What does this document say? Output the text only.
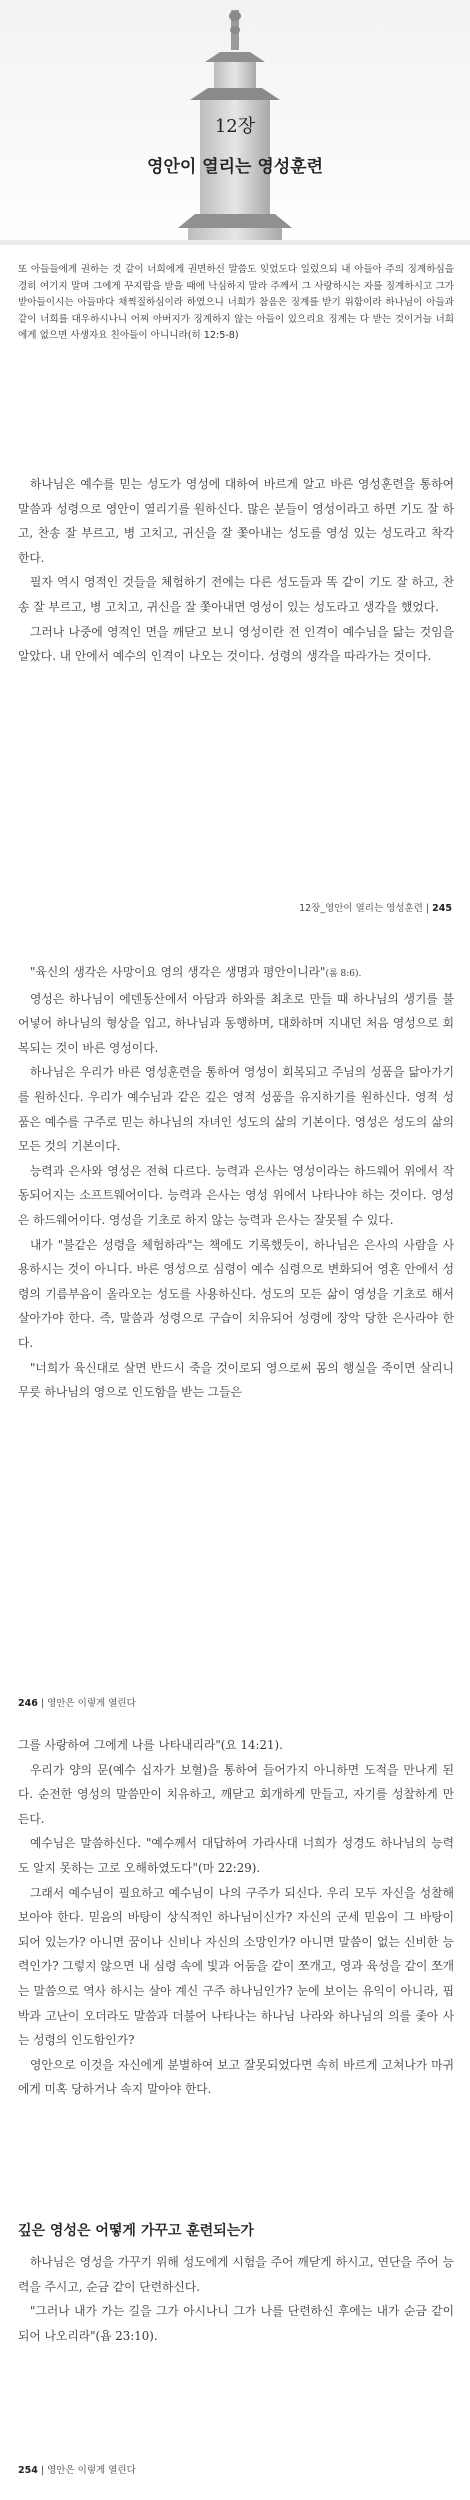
12장
영안이 열리는 영성훈련
또 아들들에게 권하는 것 같이 너희에게 권면하신 말씀도 잊었도다 일렀으되 내 아들아 주의 징계하심을 경히 여기지 말며 그에게 꾸지람을 받을 때에 낙심하지 말라 주께서 그 사랑하시는 자를 징계하시고 그가 받아들이시는 아들마다 채찍질하심이라 하였으니 너희가 참음은 징계를 받기 위함이라 하나님이 아들과 같이 너희를 대우하시나니 어찌 아버지가 징계하지 않는 아들이 있으리요 징계는 다 받는 것이거늘 너희에게 없으면 사생자요 친아들이 아니니라(히 12:5-8)

하나님은 예수를 믿는 성도가 영성에 대하여 바르게 알고 바른 영성훈련을 통하여 말씀과 성령으로 영안이 열리기를 원하신다. 많은 분들이 영성이라고 하면 기도 잘 하고, 찬송 잘 부르고, 병 고치고, 귀신을 잘 쫓아내는 성도를 영성 있는 성도라고 착각한다.

필자 역시 영적인 것들을 체험하기 전에는 다른 성도들과 똑 같이 기도 잘 하고, 찬송 잘 부르고, 병 고치고, 귀신을 잘 쫓아내면 영성이 있는 성도라고 생각을 했었다.

그러나 나중에 영적인 면을 깨닫고 보니 영성이란 전 인격이 예수님을 닮는 것임을 알았다. 내 안에서 예수의 인격이 나오는 것이다. 성령의 생각을 따라가는 것이다.

12장_영안이 열리는 영성훈련 | 245

"육신의 생각은 사망이요 영의 생각은 생명과 평안이니라"(롬 8:6).

영성은 하나님이 에덴동산에서 아담과 하와를 최초로 만들 때 하나님의 생기를 불어넣어 하나님의 형상을 입고, 하나님과 동행하며, 대화하며 지내던 처음 영성으로 회복되는 것이 바른 영성이다.

하나님은 우리가 바른 영성훈련을 통하여 영성이 회복되고 주님의 성품을 닮아가기를 원하신다. 우리가 예수님과 같은 깊은 영적 성품을 유지하기를 원하신다. 영적 성품은 예수를 구주로 믿는 하나님의 자녀인 성도의 삶의 기본이다. 영성은 성도의 삶의 모든 것의 기본이다.

능력과 은사와 영성은 전혀 다르다. 능력과 은사는 영성이라는 하드웨어 위에서 작동되어지는 소프트웨어이다. 능력과 은사는 영성 위에서 나타나야 하는 것이다. 영성은 하드웨어이다. 영성을 기초로 하지 않는 능력과 은사는 잘못될 수 있다.

내가 "불같은 성령을 체험하라"는 책에도 기록했듯이, 하나님은 은사의 사람을 사용하시는 것이 아니다. 바른 영성으로 심령이 예수 심령으로 변화되어 영혼 안에서 성령의 기름부음이 올라오는 성도를 사용하신다. 성도의 모든 삶이 영성을 기초로 해서 살아가야 한다. 즉, 말씀과 성령으로 구습이 치유되어 성령에 장악 당한 은사라야 한다.

"너희가 육신대로 살면 반드시 죽을 것이로되 영으로써 몸의 행실을 죽이면 살리니 무릇 하나님의 영으로 인도함을 받는 그들은

246 | 영안은 이렇게 열린다

그를 사랑하여 그에게 나를 나타내리라"(요 14:21).

우리가 양의 문(예수 십자가 보혈)을 통하여 들어가지 아니하면 도적을 만나게 된다. 순전한 영성의 말씀만이 치유하고, 깨닫고 회개하게 만들고, 자기를 성찰하게 만든다.

예수님은 말씀하신다. "예수께서 대답하여 가라사대 너희가 성경도 하나님의 능력도 알지 못하는 고로 오해하였도다"(마 22:29).

그래서 예수님이 필요하고 예수님이 나의 구주가 되신다. 우리 모두 자신을 성찰해 보아야 한다. 믿음의 바탕이 상식적인 하나님이신가? 자신의 군세 믿음이 그 바탕이 되어 있는가? 아니면 꿈이나 신비나 자신의 소망인가? 아니면 말씀이 없는 신비한 능력인가? 그렇지 않으면 내 심령 속에 빛과 어둠을 같이 쪼개고, 영과 육성을 같이 쪼개는 말씀으로 역사 하시는 살아 계신 구주 하나님인가? 눈에 보이는 유익이 아니라, 핍박과 고난이 오더라도 말씀과 더불어 나타나는 하나님 나라와 하나님의 의를 좇아 사는 성령의 인도함인가?

영안으로 이것을 자신에게 분별하여 보고 잘못되었다면 속히 바르게 고쳐나가 마귀에게 미혹 당하거나 속지 말아야 한다.

깊은 영성은 어떻게 가꾸고 훈련되는가

하나님은 영성을 가꾸기 위해 성도에게 시험을 주어 깨닫게 하시고, 연단을 주어 능력을 주시고, 순금 같이 단련하신다.

"그러나 내가 가는 길을 그가 아시나니 그가 나를 단련하신 후에는 내가 순금 같이 되어 나오리라"(욥 23:10).

254 | 영안은 이렇게 열린다
